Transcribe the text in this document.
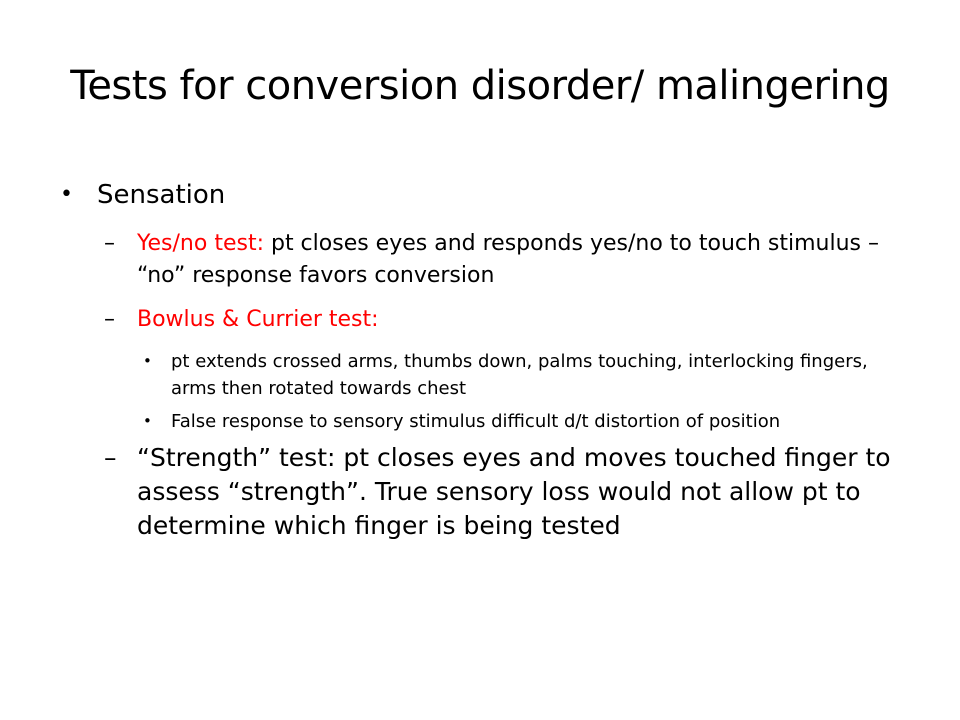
Tests for conversion disorder/ malingering
• Sensation
– Yes/no test: pt closes eyes and responds yes/no to touch stimulus – “no” response favors conversion
– Bowlus & Currier test:
• pt extends crossed arms, thumbs down, palms touching, interlocking fingers, arms then rotated towards chest
• False response to sensory stimulus difficult d/t distortion of position
– “Strength” test: pt closes eyes and moves touched finger to assess “strength”. True sensory loss would not allow pt to determine which finger is being tested
